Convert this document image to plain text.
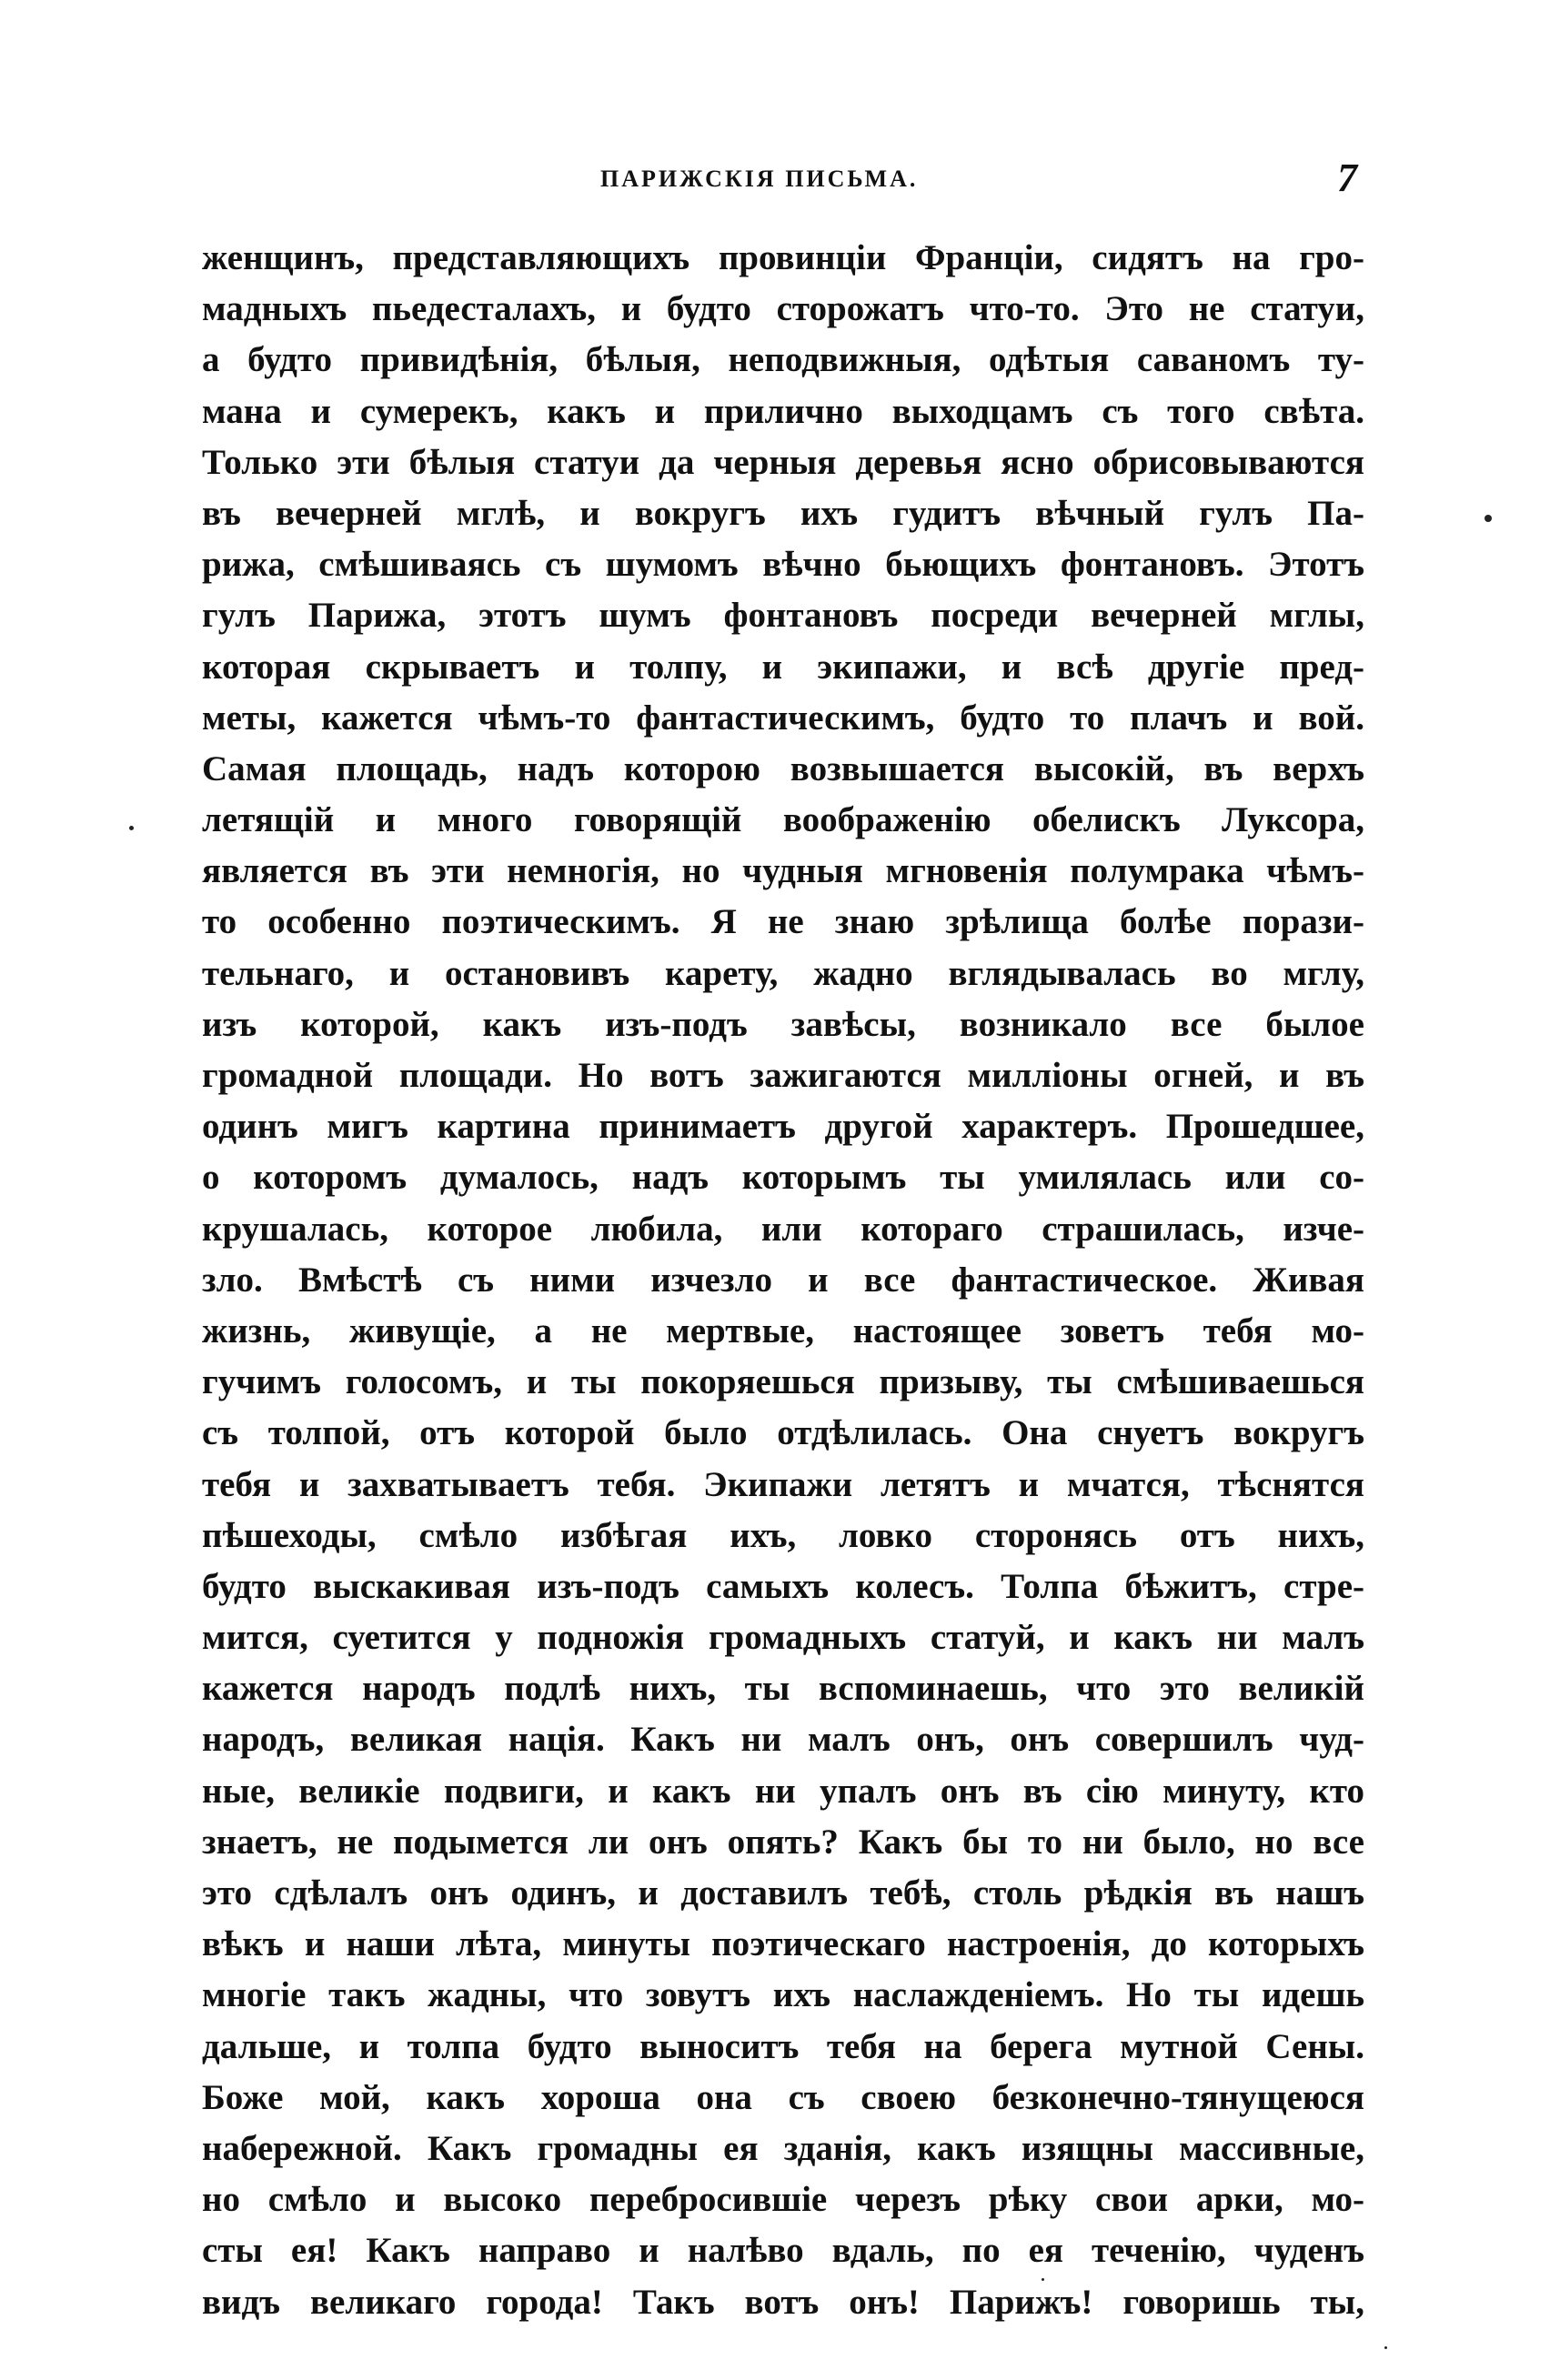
ПАРИЖСКІЯ ПИСЬМА.	7
женщинъ, представляющихъ провинціи Франціи, сидятъ на гро-
мадныхъ пьедесталахъ, и будто сторожатъ что-то. Это не статуи,
а будто привидѣнія, бѣлыя, неподвижныя, одѣтыя саваномъ ту-
мана и сумерекъ, какъ и прилично выходцамъ съ того свѣта.
Только эти бѣлыя статуи да черныя деревья ясно обрисовываются
въ вечерней мглѣ, и вокругъ ихъ гудитъ вѣчный гулъ Па-
рижа, смѣшиваясь съ шумомъ вѣчно бьющихъ фонтановъ. Этотъ
гулъ Парижа, этотъ шумъ фонтановъ посреди вечерней мглы,
которая скрываетъ и толпу, и экипажи, и всѣ другіе пред-
меты, кажется чѣмъ-то фантастическимъ, будто то плачъ и вой.
Самая площадь, надъ которою возвышается высокій, въ верхъ
летящій и много говорящій воображенію обелискъ Луксора,
является въ эти немногія, но чудныя мгновенія полумрака чѣмъ-
то особенно поэтическимъ. Я не знаю зрѣлища болѣе порази-
тельнаго, и остановивъ карету, жадно вглядывалась во мглу,
изъ которой, какъ изъ-подъ завѣсы, возникало все былое
громадной площади. Но вотъ зажигаются милліоны огней, и въ
одинъ мигъ картина принимаетъ другой характеръ. Прошедшее,
о которомъ думалось, надъ которымъ ты умилялась или со-
крушалась, которое любила, или котораго страшилась, изче-
зло. Вмѣстѣ съ ними изчезло и все фантастическое. Живая
жизнь, живущіе, а не мертвые, настоящее зоветъ тебя мо-
гучимъ голосомъ, и ты покоряешься призыву, ты смѣшиваешься
съ толпой, отъ которой было отдѣлилась. Она снуетъ вокругъ
тебя и захватываетъ тебя. Экипажи летятъ и мчатся, тѣснятся
пѣшеходы, смѣло избѣгая ихъ, ловко сторонясь отъ нихъ,
будто выскакивая изъ-подъ самыхъ колесъ. Толпа бѣжитъ, стре-
мится, суетится у подножія громадныхъ статуй, и какъ ни малъ
кажется народъ подлѣ нихъ, ты вспоминаешь, что это великій
народъ, великая нація. Какъ ни малъ онъ, онъ совершилъ чуд-
ные, великіе подвиги, и какъ ни упалъ онъ въ сію минуту, кто
знаетъ, не подымется ли онъ опять? Какъ бы то ни было, но все
это сдѣлалъ онъ одинъ, и доставилъ тебѣ, столь рѣдкія въ нашъ
вѣкъ и наши лѣта, минуты поэтическаго настроенія, до которыхъ
многіе такъ жадны, что зовутъ ихъ наслажденіемъ. Но ты идешь
дальше, и толпа будто выноситъ тебя на берега мутной Сены.
Боже мой, какъ хороша она съ своею безконечно-тянущеюся
набережной. Какъ громадны ея зданія, какъ изящны массивные,
но смѣло и высоко перебросившіе черезъ рѣку свои арки, мо-
сты ея! Какъ направо и налѣво вдаль, по ея теченію, чуденъ
видъ великаго города! Такъ вотъ онъ! Парижъ! говоришь ты,
